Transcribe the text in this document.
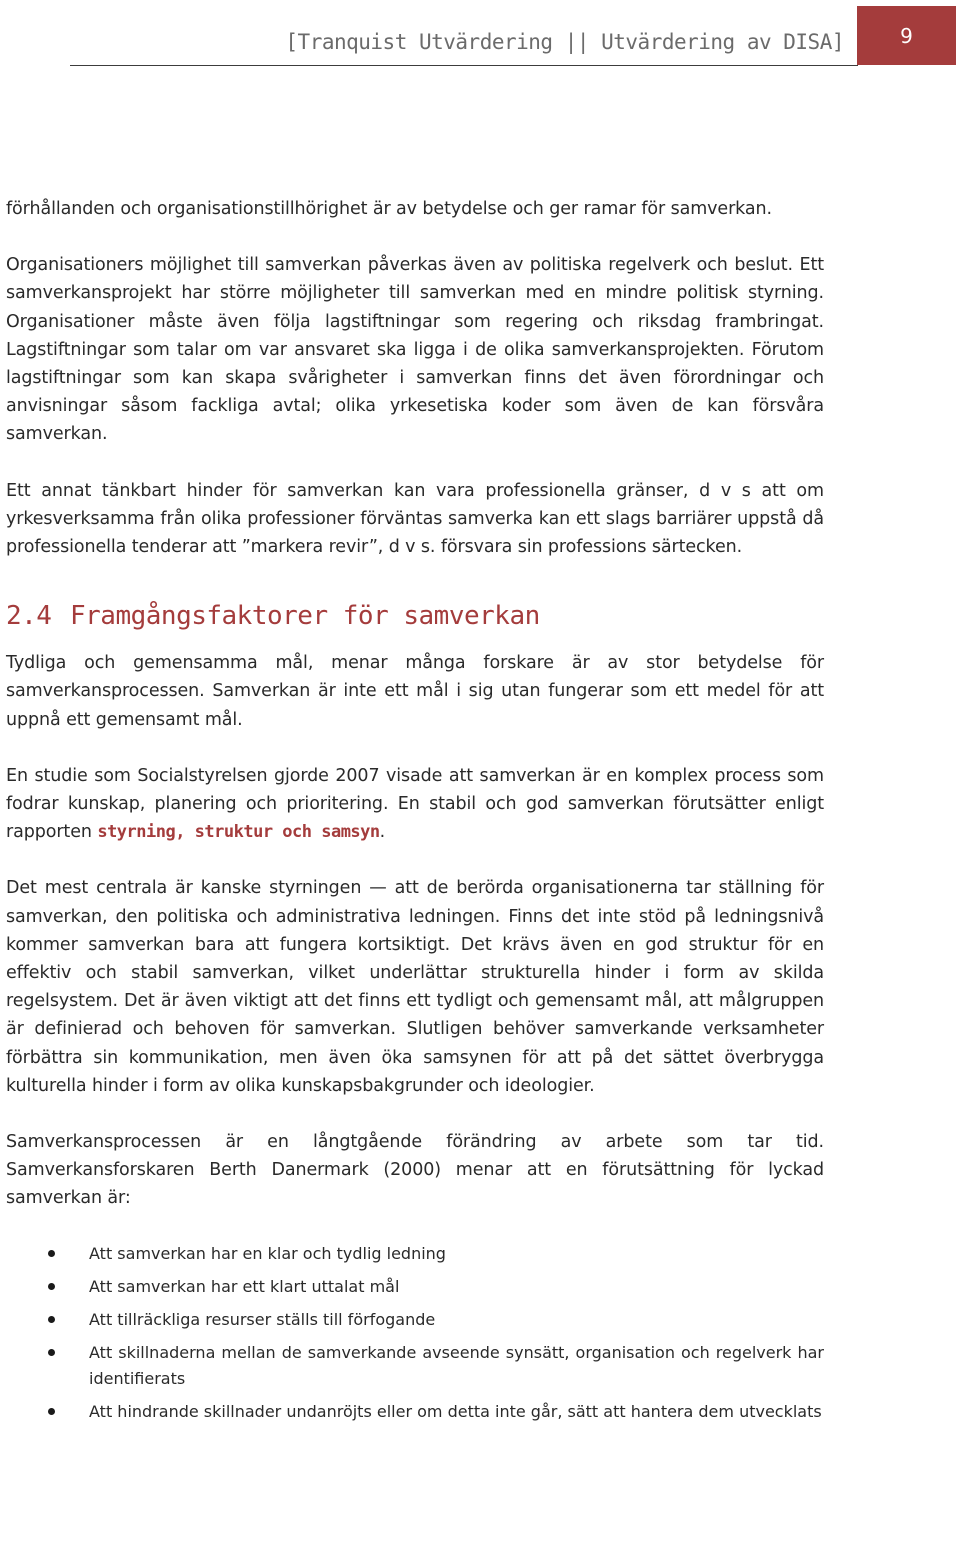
[Tranquist Utvärdering || Utvärdering av DISA]	9

förhållanden och organisationstillhörighet är av betydelse och ger ramar för samverkan.

Organisationers möjlighet till samverkan påverkas även av politiska regelverk och beslut. Ett samverkansprojekt har större möjligheter till samverkan med en mindre politisk styrning. Organisationer måste även följa lagstiftningar som regering och riksdag frambringat. Lagstiftningar som talar om var ansvaret ska ligga i de olika samverkansprojekten. Förutom lagstiftningar som kan skapa svårigheter i samverkan finns det även förordningar och anvisningar såsom fackliga avtal; olika yrkesetiska koder som även de kan försvåra samverkan.

Ett annat tänkbart hinder för samverkan kan vara professionella gränser, d v s att om yrkesverksamma från olika professioner förväntas samverka kan ett slags barriärer uppstå då professionella tenderar att ”markera revir”, d v s. försvara sin professions särtecken.

2.4 Framgångsfaktorer för samverkan

Tydliga och gemensamma mål, menar många forskare är av stor betydelse för samverkansprocessen. Samverkan är inte ett mål i sig utan fungerar som ett medel för att uppnå ett gemensamt mål.

En studie som Socialstyrelsen gjorde 2007 visade att samverkan är en komplex process som fodrar kunskap, planering och prioritering. En stabil och god samverkan förutsätter enligt rapporten styrning, struktur och samsyn.

Det mest centrala är kanske styrningen — att de berörda organisationerna tar ställning för samverkan, den politiska och administrativa ledningen. Finns det inte stöd på ledningsnivå kommer samverkan bara att fungera kortsiktigt. Det krävs även en god struktur för en effektiv och stabil samverkan, vilket underlättar strukturella hinder i form av skilda regelsystem. Det är även viktigt att det finns ett tydligt och gemensamt mål, att målgruppen är definierad och behoven för samverkan. Slutligen behöver samverkande verksamheter förbättra sin kommunikation, men även öka samsynen för att på det sättet överbrygga kulturella hinder i form av olika kunskapsbakgrunder och ideologier.

Samverkansprocessen är en långtgående förändring av arbete som tar tid. Samverkansforskaren Berth Danermark (2000) menar att en förutsättning för lyckad samverkan är:

Att samverkan har en klar och tydlig ledning
Att samverkan har ett klart uttalat mål
Att tillräckliga resurser ställs till förfogande
Att skillnaderna mellan de samverkande avseende synsätt, organisation och regelverk har identifierats
Att hindrande skillnader undanröjts eller om detta inte går, sätt att hantera dem utvecklats
